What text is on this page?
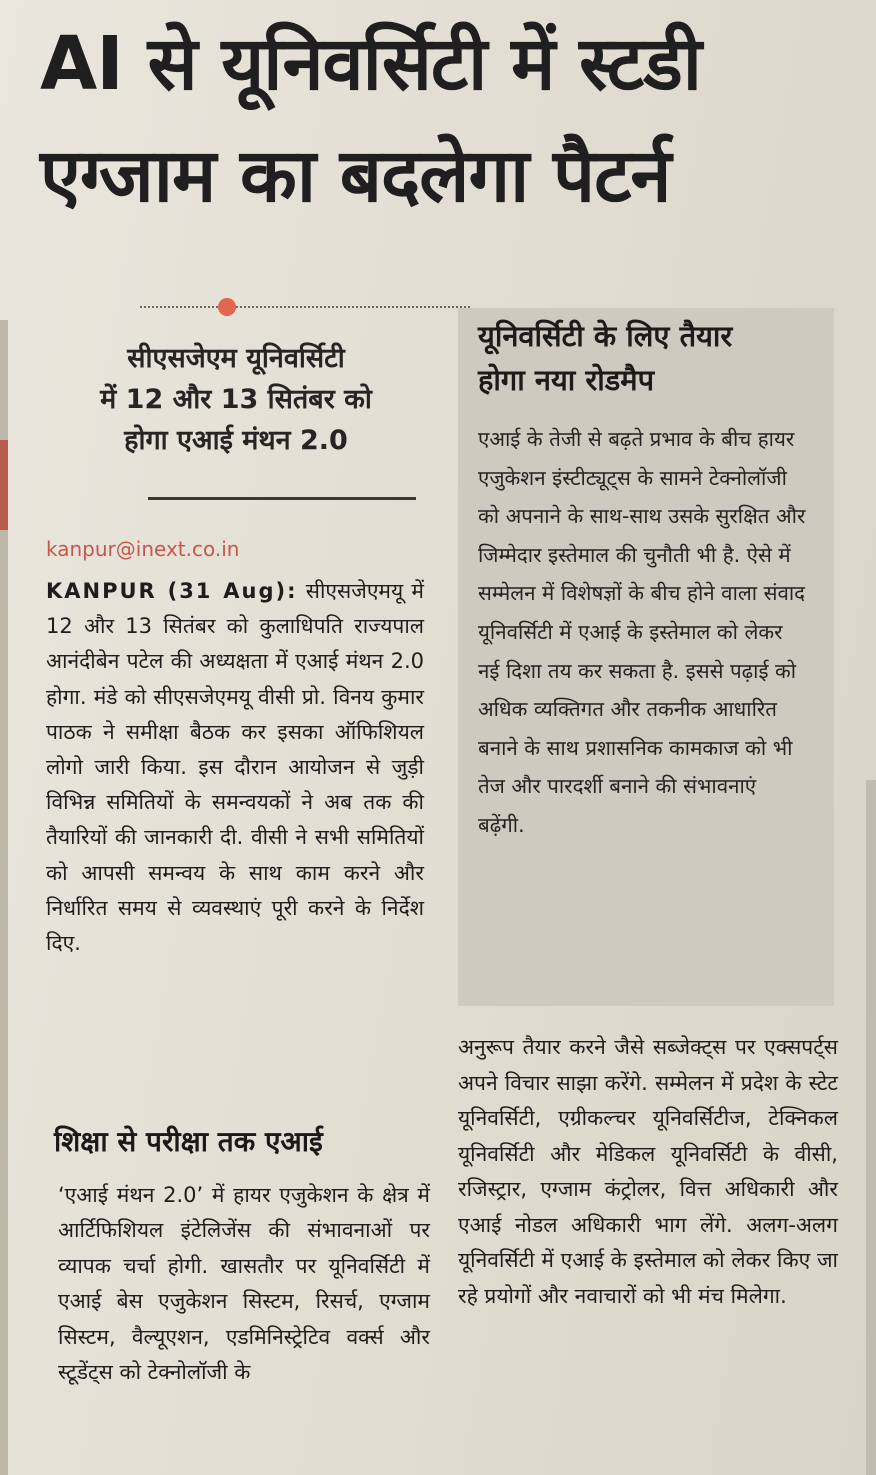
AI से यूनिवर्सिटी में स्टडी
एग्जाम का बदलेगा पैटर्न
सीएसजेएम यूनिवर्सिटी
में 12 और 13 सितंबर को
होगा एआई मंथन 2.0
kanpur@inext.co.in

KANPUR (31 Aug): सीएसजेएमयू में 12 और 13 सितंबर को कुलाधिपति राज्यपाल आनंदीबेन पटेल की अध्यक्षता में एआई मंथन 2.0 होगा. मंडे को सीएसजेएमयू वीसी प्रो. विनय कुमार पाठक ने समीक्षा बैठक कर इसका ऑफिशियल लोगो जारी किया. इस दौरान आयोजन से जुड़ी विभिन्न समितियों के समन्वयकों ने अब तक की तैयारियों की जानकारी दी. वीसी ने सभी समितियों को आपसी समन्वय के साथ काम करने और निर्धारित समय से व्यवस्थाएं पूरी करने के निर्देश दिए.

शिक्षा से परीक्षा तक एआई

‘एआई मंथन 2.0’ में हायर एजुकेशन के क्षेत्र में आर्टिफिशियल इंटेलिजेंस की संभावनाओं पर व्यापक चर्चा होगी. खासतौर पर यूनिवर्सिटी में एआई बेस एजुकेशन सिस्टम, रिसर्च, एग्जाम सिस्टम, वैल्यूएशन, एडमिनिस्ट्रेटिव वर्क्स और स्टूडेंट्स को टेक्नोलॉजी के

यूनिवर्सिटी के लिए तैयार
होगा नया रोडमैप

एआई के तेजी से बढ़ते प्रभाव के बीच हायर एजुकेशन इंस्टीट्यूट्स के सामने टेक्नोलॉजी को अपनाने के साथ-साथ उसके सुरक्षित और जिम्मेदार इस्तेमाल की चुनौती भी है. ऐसे में सम्मेलन में विशेषज्ञों के बीच होने वाला संवाद यूनिवर्सिटी में एआई के इस्तेमाल को लेकर नई दिशा तय कर सकता है. इससे पढ़ाई को अधिक व्यक्तिगत और तकनीक आधारित बनाने के साथ प्रशासनिक कामकाज को भी तेज और पारदर्शी बनाने की संभावनाएं बढ़ेंगी.

अनुरूप तैयार करने जैसे सब्जेक्ट्स पर एक्सपर्ट्स अपने विचार साझा करेंगे. सम्मेलन में प्रदेश के स्टेट यूनिवर्सिटी, एग्रीकल्चर यूनिवर्सिटीज, टेक्निकल यूनिवर्सिटी और मेडिकल यूनिवर्सिटी के वीसी, रजिस्ट्रार, एग्जाम कंट्रोलर, वित्त अधिकारी और एआई नोडल अधिकारी भाग लेंगे. अलग-अलग यूनिवर्सिटी में एआई के इस्तेमाल को लेकर किए जा रहे प्रयोगों और नवाचारों को भी मंच मिलेगा.
